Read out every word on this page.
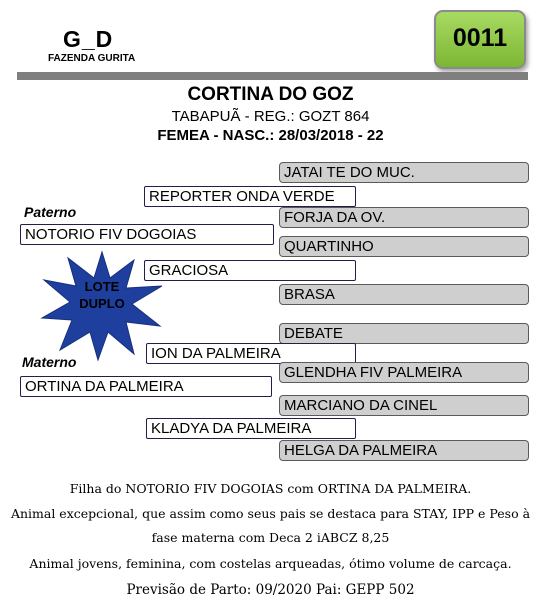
G_D
FAZENDA GURITA
0011
CORTINA DO GOZ
TABAPUÃ - REG.: GOZT 864
FEMEA - NASC.: 28/03/2018 - 22
JATAI TE DO MUC.
REPORTER ONDA VERDE
Paterno	FORJA DA OV.
NOTORIO FIV DOGOIAS
QUARTINHO
GRACIOSA
BRASA
LOTE
DUPLO
DEBATE
ION DA PALMEIRA
Materno
GLENDHA FIV PALMEIRA
ORTINA DA PALMEIRA
MARCIANO DA CINEL
KLADYA DA PALMEIRA
HELGA DA PALMEIRA
Filha do NOTORIO FIV DOGOIAS com ORTINA DA PALMEIRA.
Animal excepcional, que assim como seus pais se destaca para STAY, IPP e Peso à
fase materna com Deca 2 iABCZ 8,25
Animal jovens, feminina, com costelas arqueadas, ótimo volume de carcaça.
Previsão de Parto: 09/2020 Pai: GEPP 502
